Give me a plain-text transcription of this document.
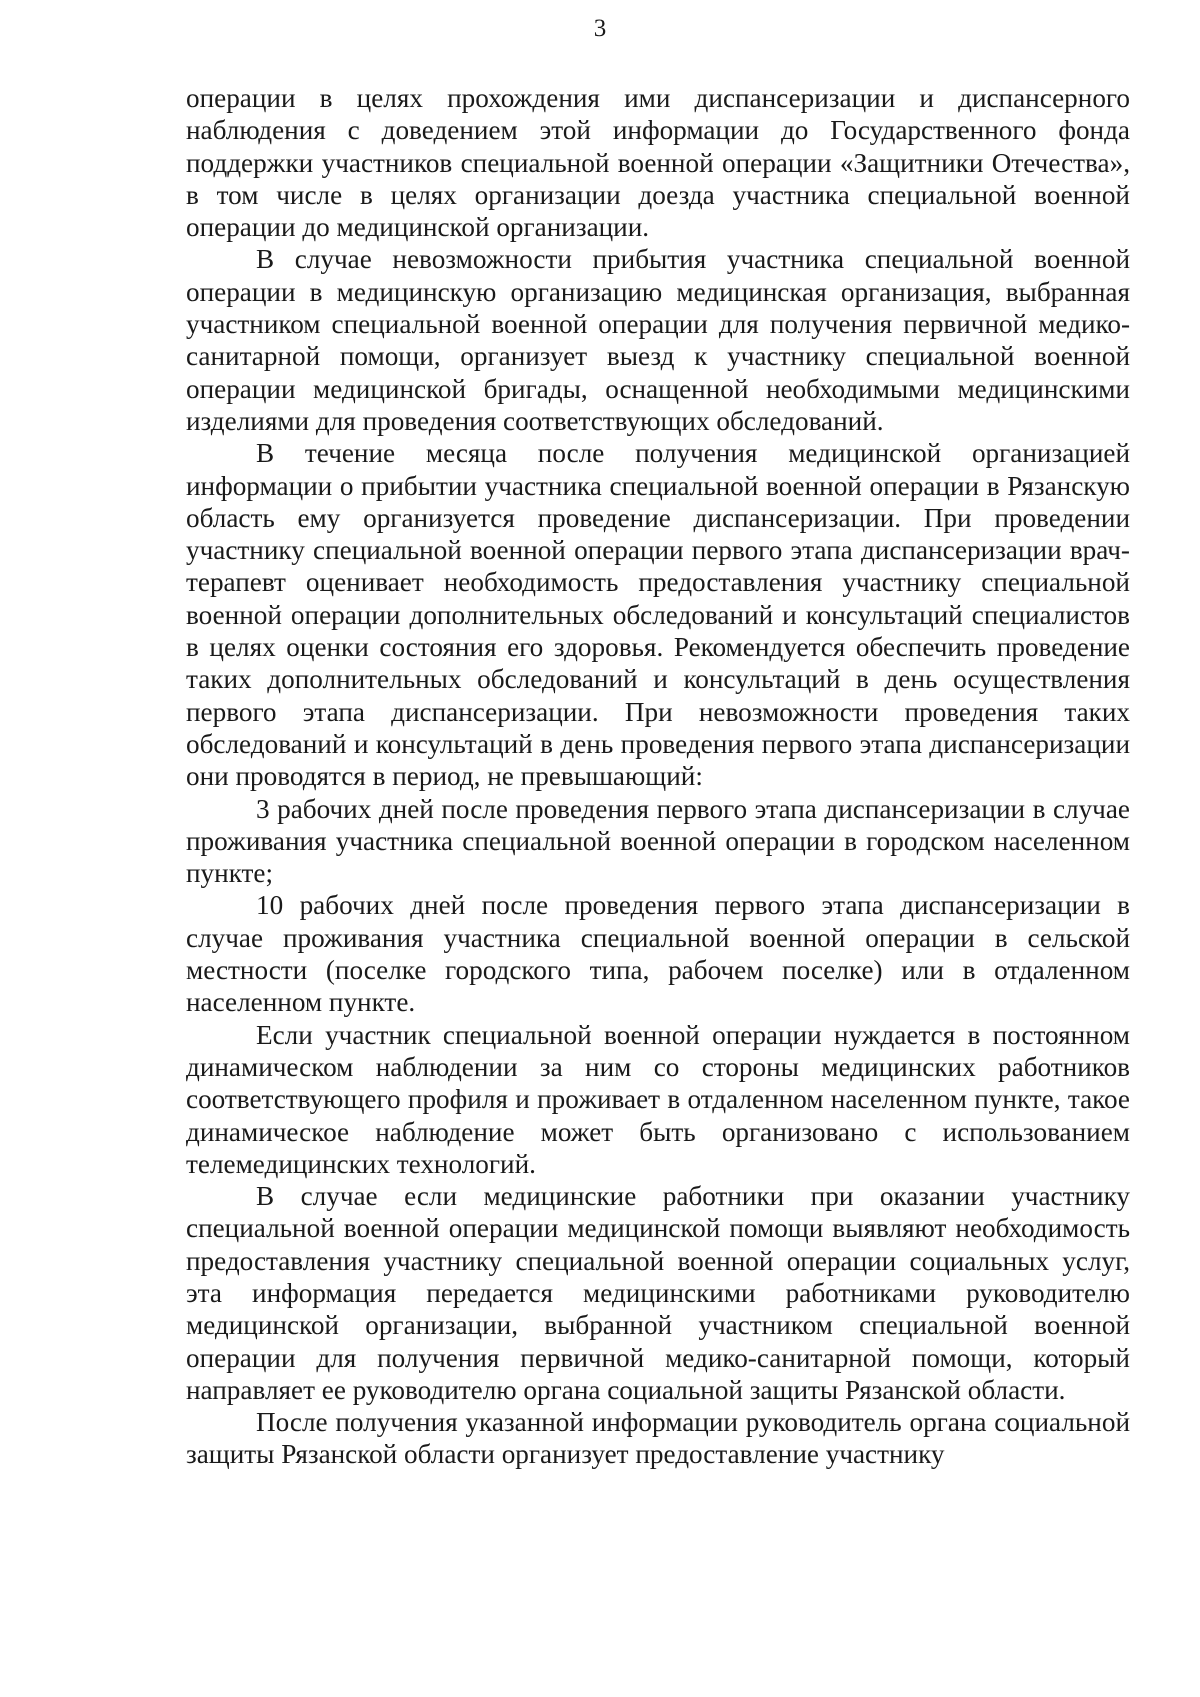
3

операции в целях прохождения ими диспансеризации и диспансерного наблюдения с доведением этой информации до Государственного фонда поддержки участников специальной военной операции «Защитники Отечества», в том числе в целях организации доезда участника специальной военной операции до медицинской организации.

В случае невозможности прибытия участника специальной военной операции в медицинскую организацию медицинская организация, выбранная участником специальной военной операции для получения первичной медико-санитарной помощи, организует выезд к участнику специальной военной операции медицинской бригады, оснащенной необходимыми медицинскими изделиями для проведения соответствующих обследований.

В течение месяца после получения медицинской организацией информации о прибытии участника специальной военной операции в Рязанскую область ему организуется проведение диспансеризации. При проведении участнику специальной военной операции первого этапа диспансеризации врач-терапевт оценивает необходимость предоставления участнику специальной военной операции дополнительных обследований и консультаций специалистов в целях оценки состояния его здоровья. Рекомендуется обеспечить проведение таких дополнительных обследований и консультаций в день осуществления первого этапа диспансеризации. При невозможности проведения таких обследований и консультаций в день проведения первого этапа диспансеризации они проводятся в период, не превышающий:

3 рабочих дней после проведения первого этапа диспансеризации в случае проживания участника специальной военной операции в городском населенном пункте;

10 рабочих дней после проведения первого этапа диспансеризации в случае проживания участника специальной военной операции в сельской местности (поселке городского типа, рабочем поселке) или в отдаленном населенном пункте.

Если участник специальной военной операции нуждается в постоянном динамическом наблюдении за ним со стороны медицинских работников соответствующего профиля и проживает в отдаленном населенном пункте, такое динамическое наблюдение может быть организовано с использованием телемедицинских технологий.

В случае если медицинские работники при оказании участнику специальной военной операции медицинской помощи выявляют необходимость предоставления участнику специальной военной операции социальных услуг, эта информация передается медицинскими работниками руководителю медицинской организации, выбранной участником специальной военной операции для получения первичной медико-санитарной помощи, который направляет ее руководителю органа социальной защиты Рязанской области.

После получения указанной информации руководитель органа социальной защиты Рязанской области организует предоставление участнику
